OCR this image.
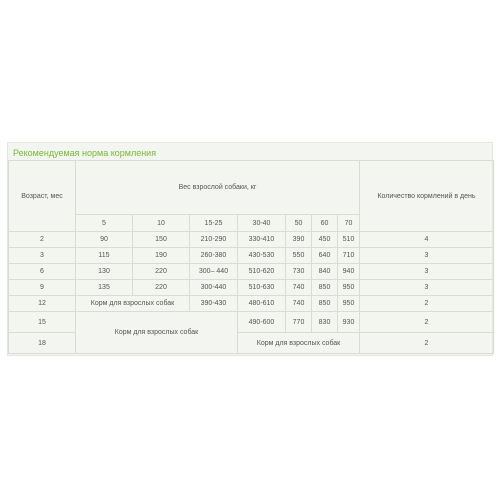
Рекомендуемая норма кормления
Возраст, мес	Вес взрослой собаки, кг							Количество кормлений в день
	5	10	15-25	30-40	50	60	70	
2	90	150	210-290	330-410	390	450	510	4
3	115	190	260-380	430-530	550	640	710	3
6	130	220	300– 440	510-620	730	840	940	3
9	135	220	300-440	510-630	740	850	950	3
12	Корм для взрослых собак		390-430	480-610	740	850	950	2
15	Корм для взрослых собак			490-600	770	830	930	2
18				Корм для взрослых собак				2
